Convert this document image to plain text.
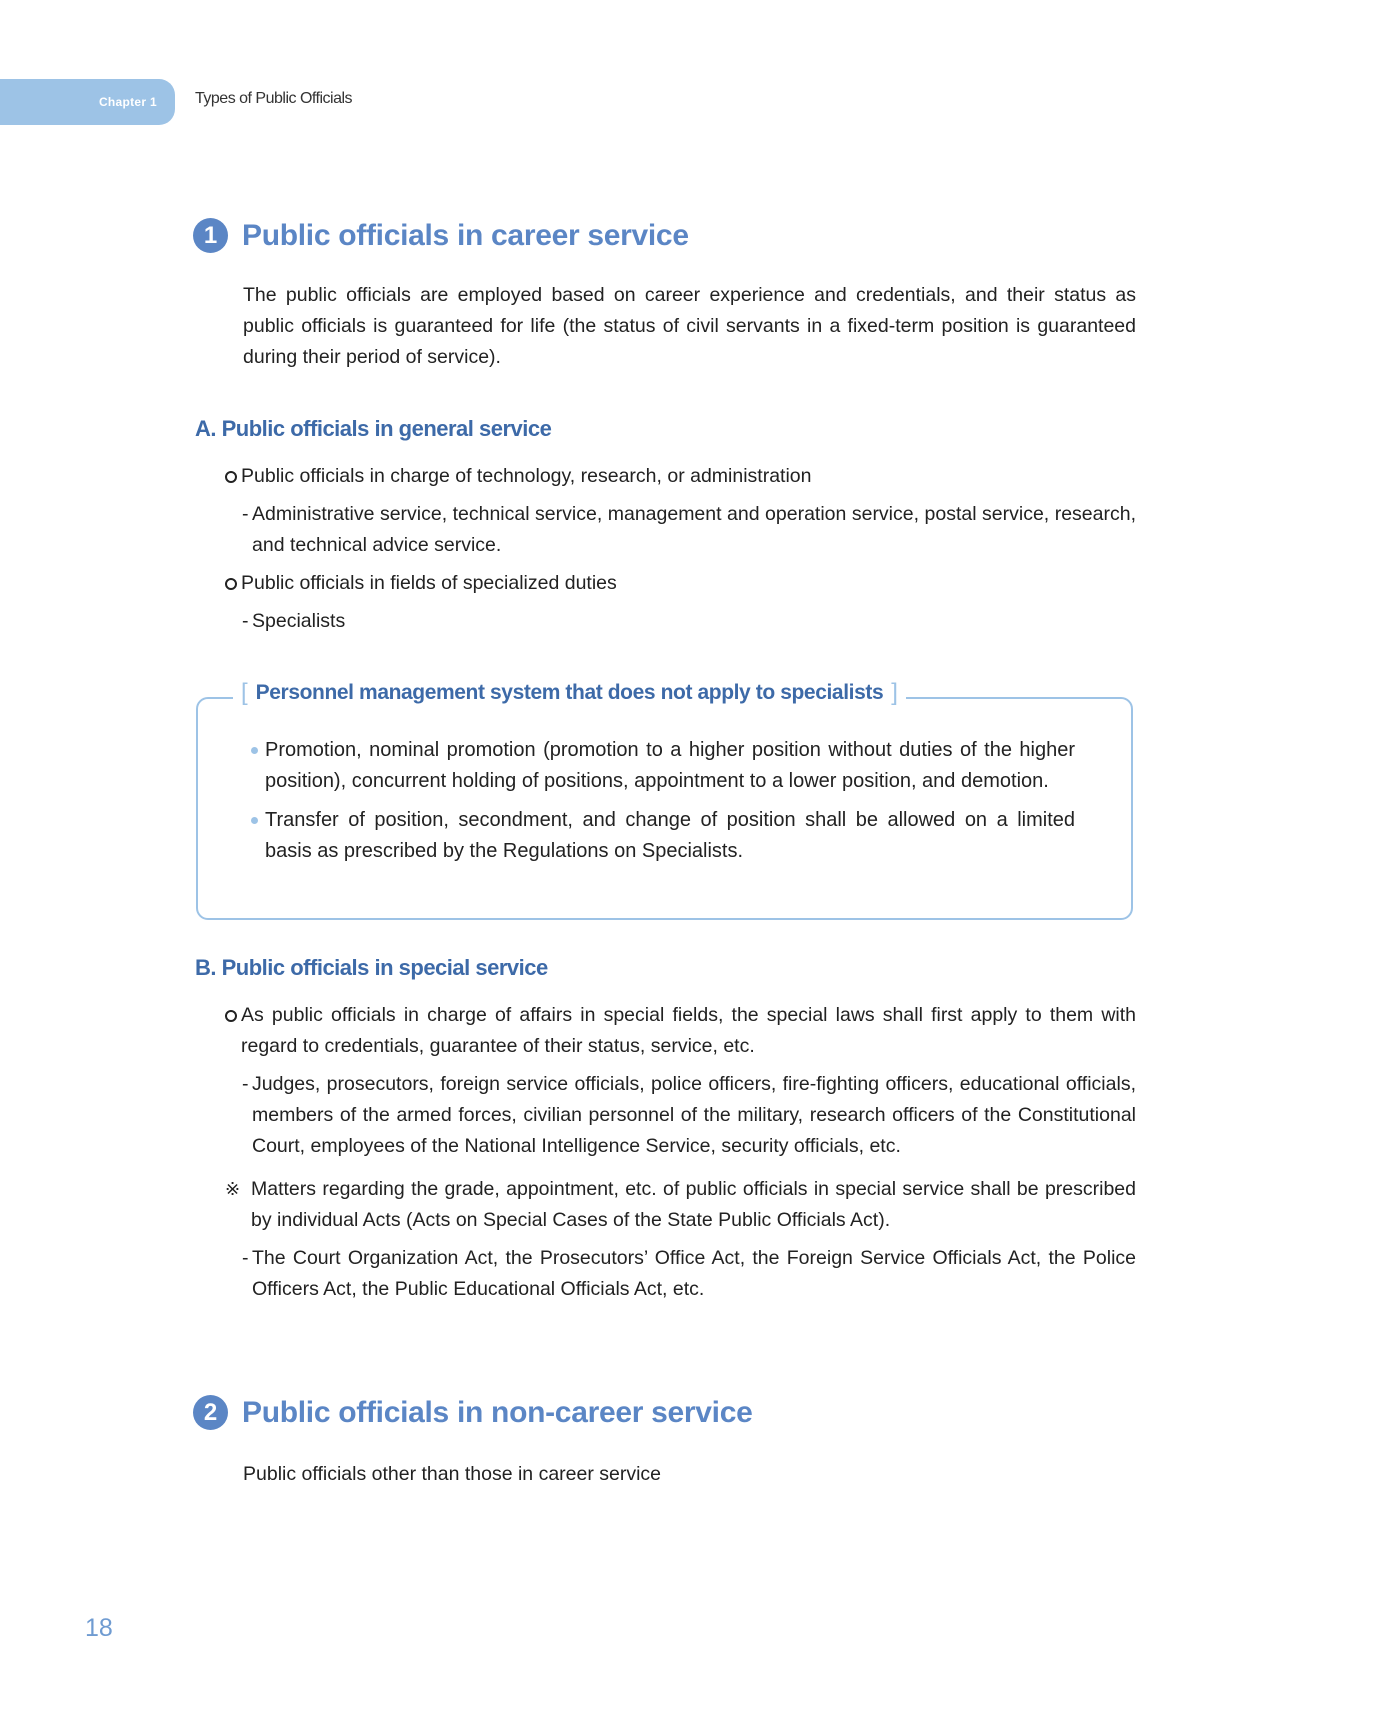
Chapter 1 Types of Public Officials
1 Public officials in career service
The public officials are employed based on career experience and credentials, and their status as public officials is guaranteed for life (the status of civil servants in a fixed-term position is guaranteed during their period of service).
A. Public officials in general service
Public officials in charge of technology, research, or administration
- Administrative service, technical service, management and operation service, postal service, research, and technical advice service.
Public officials in fields of specialized duties
- Specialists
[ Personnel management system that does not apply to specialists ]
Promotion, nominal promotion (promotion to a higher position without duties of the higher position), concurrent holding of positions, appointment to a lower position, and demotion.
Transfer of position, secondment, and change of position shall be allowed on a limited basis as prescribed by the Regulations on Specialists.
B. Public officials in special service
As public officials in charge of affairs in special fields, the special laws shall first apply to them with regard to credentials, guarantee of their status, service, etc.
- Judges, prosecutors, foreign service officials, police officers, fire-fighting officers, educational officials, members of the armed forces, civilian personnel of the military, research officers of the Constitutional Court, employees of the National Intelligence Service, security officials, etc.
※ Matters regarding the grade, appointment, etc. of public officials in special service shall be prescribed by individual Acts (Acts on Special Cases of the State Public Officials Act).
- The Court Organization Act, the Prosecutors’ Office Act, the Foreign Service Officials Act, the Police Officers Act, the Public Educational Officials Act, etc.
2 Public officials in non-career service
Public officials other than those in career service
18
